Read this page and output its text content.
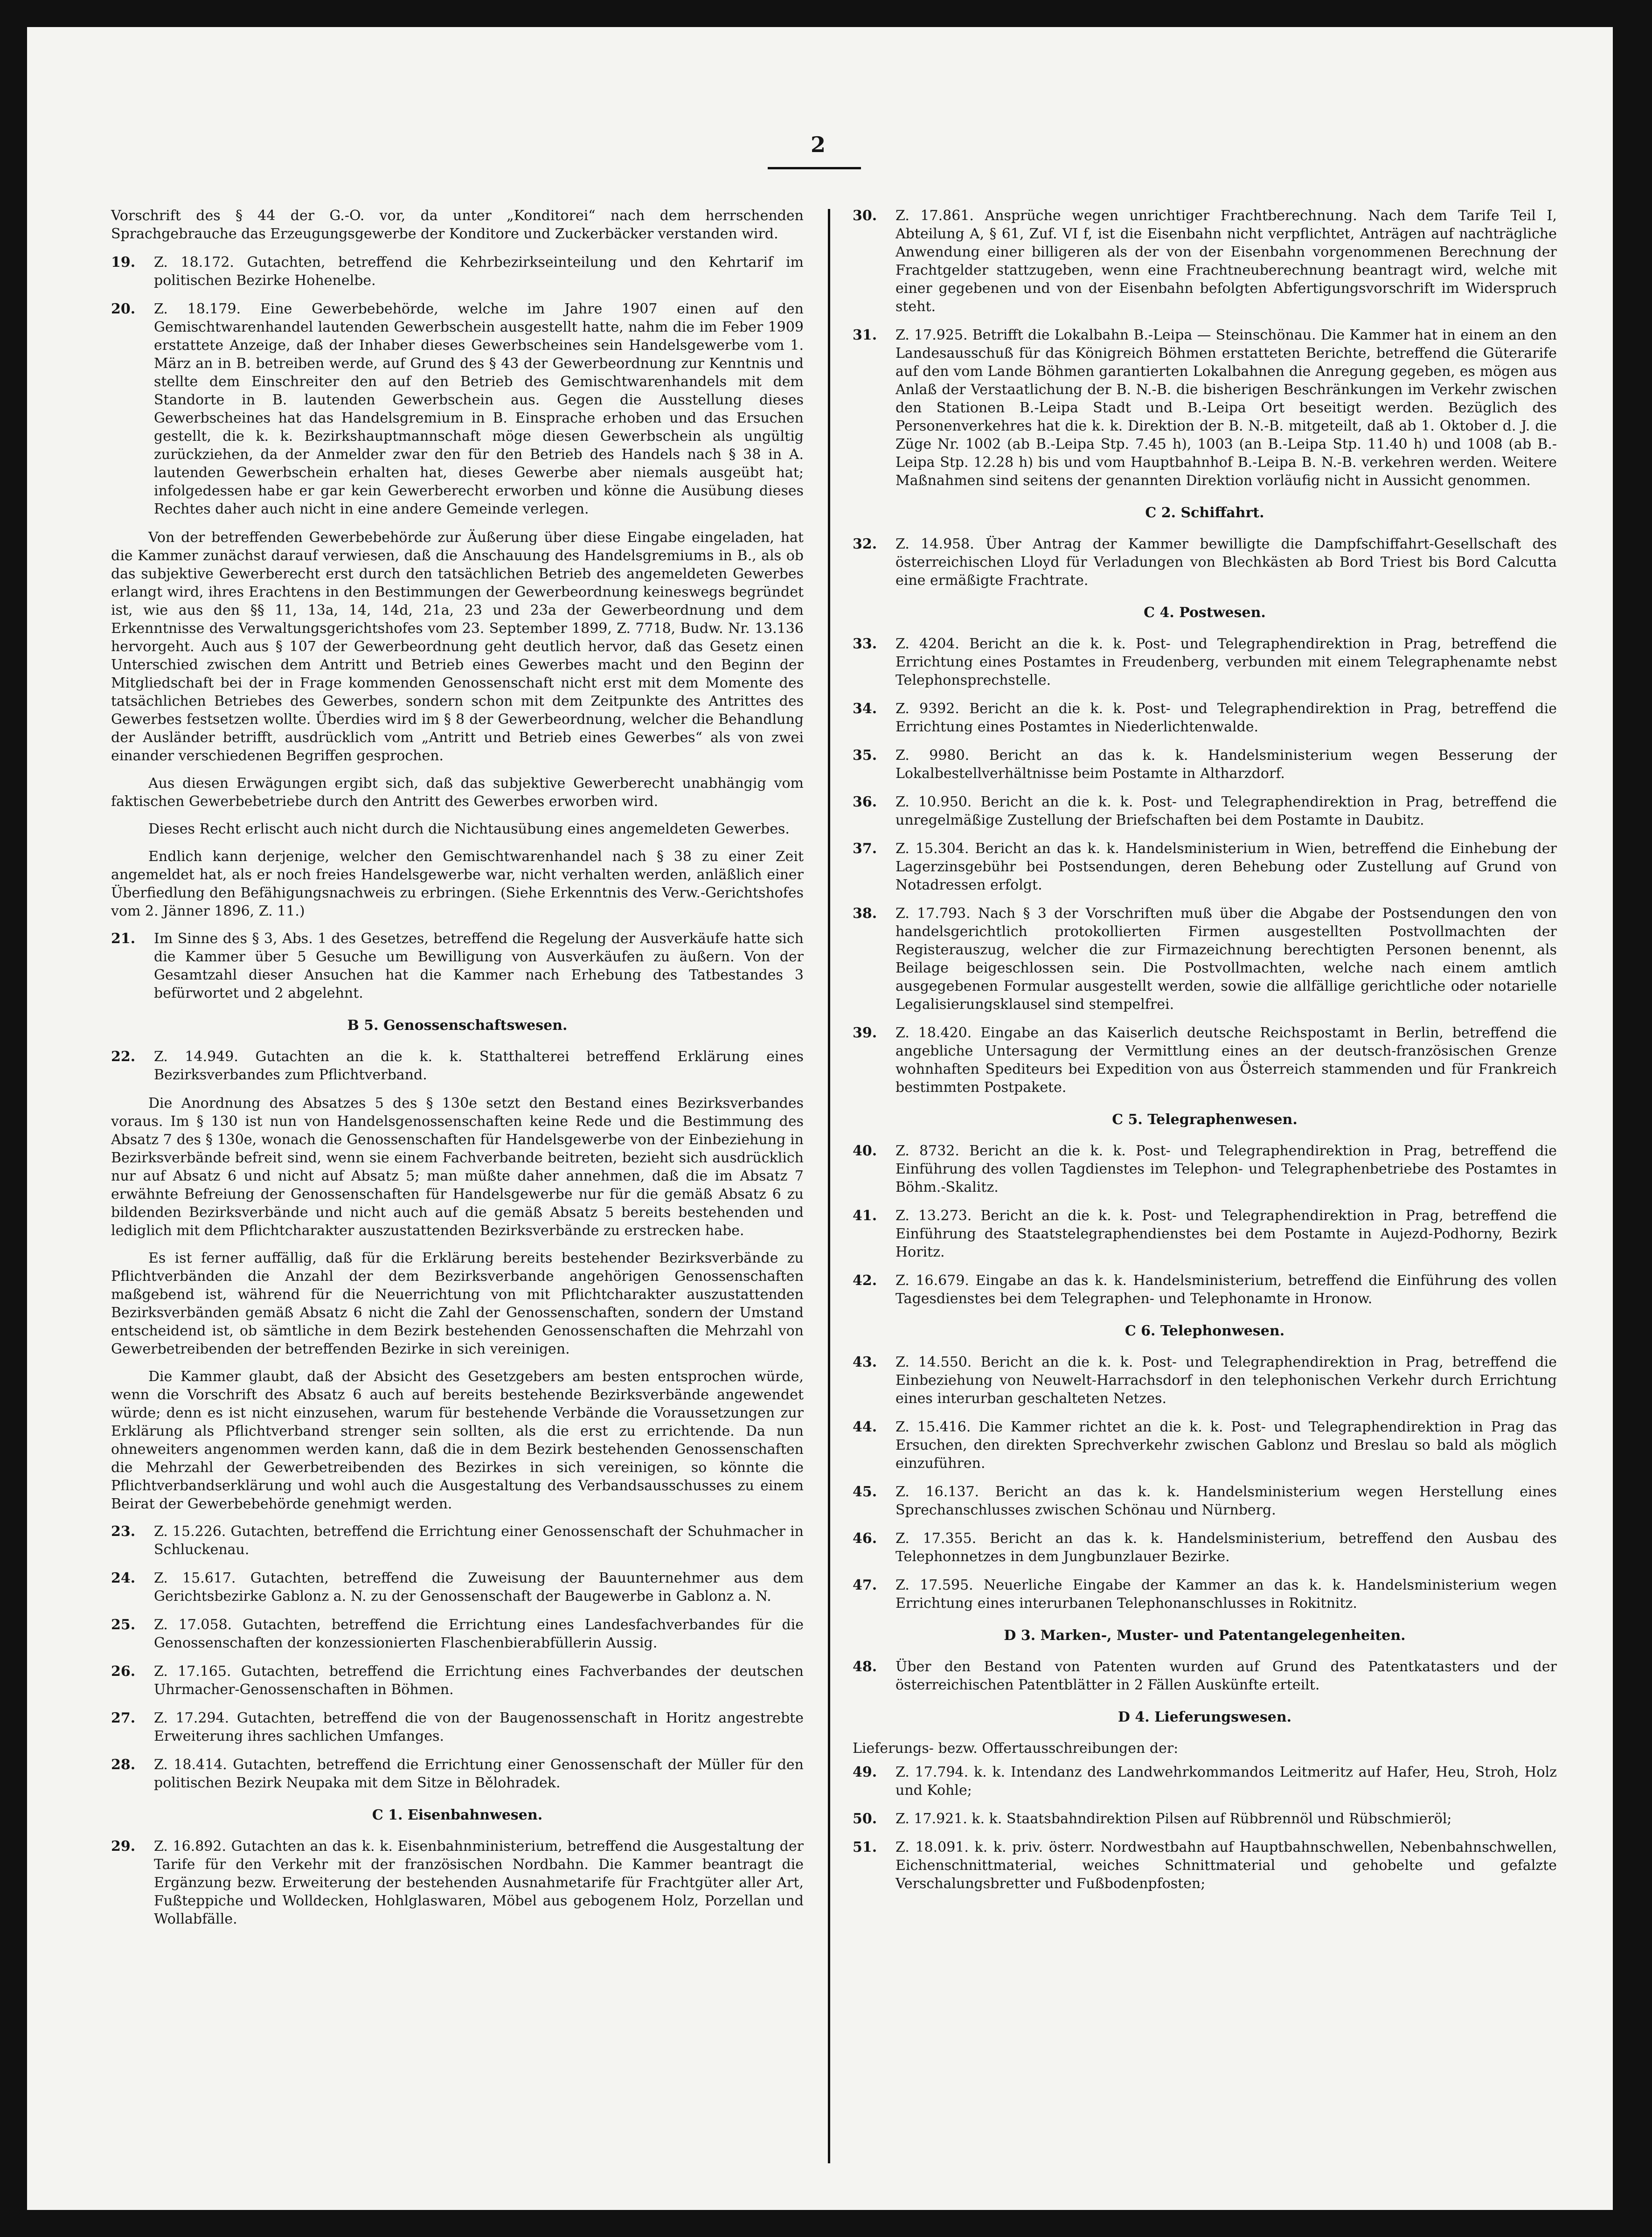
2
Vorschrift des § 44 der G.-O. vor, da unter „Konditorei“ nach dem herrschenden Sprachgebrauche das Erzeugungsgewerbe der Konditore und Zuckerbäcker verstanden wird.
19. Z. 18.172. Gutachten, betreffend die Kehrbezirkseinteilung und den Kehrtarif im politischen Bezirke Hohenelbe.
20. Z. 18.179. Eine Gewerbebehörde, welche im Jahre 1907 einen auf den Gemischtwarenhandel lautenden Gewerbschein ausgestellt hatte, nahm die im Feber 1909 erstattete Anzeige, daß der Inhaber dieses Gewerbscheines sein Handelsgewerbe vom 1. März an in B. betreiben werde, auf Grund des § 43 der Gewerbeordnung zur Kenntnis und stellte dem Einschreiter den auf den Betrieb des Gemischtwarenhandels mit dem Standorte in B. lautenden Gewerbschein aus. Gegen die Ausstellung dieses Gewerbscheines hat das Handelsgremium in B. Einsprache erhoben und das Ersuchen gestellt, die k. k. Bezirkshauptmannschaft möge diesen Gewerbschein als ungültig zurückziehen, da der Anmelder zwar den für den Betrieb des Handels nach § 38 in A. lautenden Gewerbschein erhalten hat, dieses Gewerbe aber niemals ausgeübt hat; infolgedessen habe er gar kein Gewerberecht erworben und könne die Ausübung dieses Rechtes daher auch nicht in eine andere Gemeinde verlegen.
Von der betreffenden Gewerbebehörde zur Äußerung über diese Eingabe eingeladen, hat die Kammer zunächst darauf verwiesen, daß die Anschauung des Handelsgremiums in B., als ob das subjektive Gewerberecht erst durch den tatsächlichen Betrieb des angemeldeten Gewerbes erlangt wird, ihres Erachtens in den Bestimmungen der Gewerbeordnung keineswegs begründet ist, wie aus den §§ 11, 13a, 14, 14d, 21a, 23 und 23a der Gewerbeordnung und dem Erkenntnisse des Verwaltungsgerichtshofes vom 23. September 1899, Z. 7718, Budw. Nr. 13.136 hervorgeht. Auch aus § 107 der Gewerbeordnung geht deutlich hervor, daß das Gesetz einen Unterschied zwischen dem Antritt und Betrieb eines Gewerbes macht und den Beginn der Mitgliedschaft bei der in Frage kommenden Genossenschaft nicht erst mit dem Momente des tatsächlichen Betriebes des Gewerbes, sondern schon mit dem Zeitpunkte des Antrittes des Gewerbes festsetzen wollte. Überdies wird im § 8 der Gewerbeordnung, welcher die Behandlung der Ausländer betrifft, ausdrücklich vom „Antritt und Betrieb eines Gewerbes“ als von zwei einander verschiedenen Begriffen gesprochen.
Aus diesen Erwägungen ergibt sich, daß das subjektive Gewerberecht unabhängig vom faktischen Gewerbebetriebe durch den Antritt des Gewerbes erworben wird.
Dieses Recht erlischt auch nicht durch die Nichtausübung eines angemeldeten Gewerbes.
Endlich kann derjenige, welcher den Gemischtwarenhandel nach § 38 zu einer Zeit angemeldet hat, als er noch freies Handelsgewerbe war, nicht verhalten werden, anläßlich einer Überfiedlung den Befähigungsnachweis zu erbringen. (Siehe Erkenntnis des Verw.-Gerichtshofes vom 2. Jänner 1896, Z. 11.)
21. Im Sinne des § 3, Abs. 1 des Gesetzes, betreffend die Regelung der Ausverkäufe hatte sich die Kammer über 5 Gesuche um Bewilligung von Ausverkäufen zu äußern. Von der Gesamtzahl dieser Ansuchen hat die Kammer nach Erhebung des Tatbestandes 3 befürwortet und 2 abgelehnt.
B 5. Genossenschaftswesen.
22. Z. 14.949. Gutachten an die k. k. Statthalterei betreffend Erklärung eines Bezirksverbandes zum Pflichtverband.
Die Anordnung des Absatzes 5 des § 130e setzt den Bestand eines Bezirksverbandes voraus. Im § 130 ist nun von Handelsgenossenschaften keine Rede und die Bestimmung des Absatz 7 des § 130e, wonach die Genossenschaften für Handelsgewerbe von der Einbeziehung in Bezirksverbände befreit sind, wenn sie einem Fachverbande beitreten, bezieht sich ausdrücklich nur auf Absatz 6 und nicht auf Absatz 5; man müßte daher annehmen, daß die im Absatz 7 erwähnte Befreiung der Genossenschaften für Handelsgewerbe nur für die gemäß Absatz 6 zu bildenden Bezirksverbände und nicht auch auf die gemäß Absatz 5 bereits bestehenden und lediglich mit dem Pflichtcharakter auszustattenden Bezirksverbände zu erstrecken habe.
Es ist ferner auffällig, daß für die Erklärung bereits bestehender Bezirksverbände zu Pflichtverbänden die Anzahl der dem Bezirksverbande angehörigen Genossenschaften maßgebend ist, während für die Neuerrichtung von mit Pflichtcharakter auszustattenden Bezirksverbänden gemäß Absatz 6 nicht die Zahl der Genossenschaften, sondern der Umstand entscheidend ist, ob sämtliche in dem Bezirk bestehenden Genossenschaften die Mehrzahl von Gewerbetreibenden der betreffenden Bezirke in sich vereinigen.
Die Kammer glaubt, daß der Absicht des Gesetzgebers am besten entsprochen würde, wenn die Vorschrift des Absatz 6 auch auf bereits bestehende Bezirksverbände angewendet würde; denn es ist nicht einzusehen, warum für bestehende Verbände die Voraussetzungen zur Erklärung als Pflichtverband strenger sein sollten, als die erst zu errichtende. Da nun ohneweiters angenommen werden kann, daß die in dem Bezirk bestehenden Genossenschaften die Mehrzahl der Gewerbetreibenden des Bezirkes in sich vereinigen, so könnte die Pflichtverbandserklärung und wohl auch die Ausgestaltung des Verbandsausschusses zu einem Beirat der Gewerbebehörde genehmigt werden.
23. Z. 15.226. Gutachten, betreffend die Errichtung einer Genossenschaft der Schuhmacher in Schluckenau.
24. Z. 15.617. Gutachten, betreffend die Zuweisung der Bauunternehmer aus dem Gerichtsbezirke Gablonz a. N. zu der Genossenschaft der Baugewerbe in Gablonz a. N.
25. Z. 17.058. Gutachten, betreffend die Errichtung eines Landesfachverbandes für die Genossenschaften der konzessionierten Flaschenbierabfüllerin Aussig.
26. Z. 17.165. Gutachten, betreffend die Errichtung eines Fachverbandes der deutschen Uhrmacher-Genossenschaften in Böhmen.
27. Z. 17.294. Gutachten, betreffend die von der Baugenossenschaft in Horitz angestrebte Erweiterung ihres sachlichen Umfanges.
28. Z. 18.414. Gutachten, betreffend die Errichtung einer Genossenschaft der Müller für den politischen Bezirk Neupaka mit dem Sitze in Bělohradek.
C 1. Eisenbahnwesen.
29. Z. 16.892. Gutachten an das k. k. Eisenbahnministerium, betreffend die Ausgestaltung der Tarife für den Verkehr mit der französischen Nordbahn. Die Kammer beantragt die Ergänzung bezw. Erweiterung der bestehenden Ausnahmetarife für Frachtgüter aller Art, Fußteppiche und Wolldecken, Hohlglaswaren, Möbel aus gebogenem Holz, Porzellan und Wollabfälle.
30. Z. 17.861. Ansprüche wegen unrichtiger Frachtberechnung. Nach dem Tarife Teil I, Abteilung A, § 61, Zuf. VI f, ist die Eisenbahn nicht verpflichtet, Anträgen auf nachträgliche Anwendung einer billigeren als der von der Eisenbahn vorgenommenen Berechnung der Frachtgelder stattzugeben, wenn eine Frachtneuberechnung beantragt wird, welche mit einer gegebenen und von der Eisenbahn befolgten Abfertigungsvorschrift im Widerspruch steht.
31. Z. 17.925. Betrifft die Lokalbahn B.-Leipa — Steinschönau. Die Kammer hat in einem an den Landesausschuß für das Königreich Böhmen erstatteten Berichte, betreffend die Güterarife auf den vom Lande Böhmen garantierten Lokalbahnen die Anregung gegeben, es mögen aus Anlaß der Verstaatlichung der B. N.-B. die bisherigen Beschränkungen im Verkehr zwischen den Stationen B.-Leipa Stadt und B.-Leipa Ort beseitigt werden. Bezüglich des Personenverkehres hat die k. k. Direktion der B. N.-B. mitgeteilt, daß ab 1. Oktober d. J. die Züge Nr. 1002 (ab B.-Leipa Stp. 7.45 h), 1003 (an B.-Leipa Stp. 11.40 h) und 1008 (ab B.-Leipa Stp. 12.28 h) bis und vom Hauptbahnhof B.-Leipa B. N.-B. verkehren werden. Weitere Maßnahmen sind seitens der genannten Direktion vorläufig nicht in Aussicht genommen.
C 2. Schiffahrt.
32. Z. 14.958. Über Antrag der Kammer bewilligte die Dampfschiffahrt-Gesellschaft des österreichischen Lloyd für Verladungen von Blechkästen ab Bord Triest bis Bord Calcutta eine ermäßigte Frachtrate.
C 4. Postwesen.
33. Z. 4204. Bericht an die k. k. Post- und Telegraphendirektion in Prag, betreffend die Errichtung eines Postamtes in Freudenberg, verbunden mit einem Telegraphenamte nebst Telephonsprechstelle.
34. Z. 9392. Bericht an die k. k. Post- und Telegraphendirektion in Prag, betreffend die Errichtung eines Postamtes in Niederlichtenwalde.
35. Z. 9980. Bericht an das k. k. Handelsministerium wegen Besserung der Lokalbestellverhältnisse beim Postamte in Altharzdorf.
36. Z. 10.950. Bericht an die k. k. Post- und Telegraphendirektion in Prag, betreffend die unregelmäßige Zustellung der Briefschaften bei dem Postamte in Daubitz.
37. Z. 15.304. Bericht an das k. k. Handelsministerium in Wien, betreffend die Einhebung der Lagerzinsgebühr bei Postsendungen, deren Behebung oder Zustellung auf Grund von Notadressen erfolgt.
38. Z. 17.793. Nach § 3 der Vorschriften muß über die Abgabe der Postsendungen den von handelsgerichtlich protokollierten Firmen ausgestellten Postvollmachten der Registerauszug, welcher die zur Firmazeichnung berechtigten Personen benennt, als Beilage beigeschlossen sein. Die Postvollmachten, welche nach einem amtlich ausgegebenen Formular ausgestellt werden, sowie die allfällige gerichtliche oder notarielle Legalisierungsklausel sind stempelfrei.
39. Z. 18.420. Eingabe an das Kaiserlich deutsche Reichspostamt in Berlin, betreffend die angebliche Untersagung der Vermittlung eines an der deutsch-französischen Grenze wohnhaften Spediteurs bei Expedition von aus Österreich stammenden und für Frankreich bestimmten Postpakete.
C 5. Telegraphenwesen.
40. Z. 8732. Bericht an die k. k. Post- und Telegraphendirektion in Prag, betreffend die Einführung des vollen Tagdienstes im Telephon- und Telegraphenbetriebe des Postamtes in Böhm.-Skalitz.
41. Z. 13.273. Bericht an die k. k. Post- und Telegraphendirektion in Prag, betreffend die Einführung des Staatstelegraphendienstes bei dem Postamte in Aujezd-Podhorny, Bezirk Horitz.
42. Z. 16.679. Eingabe an das k. k. Handelsministerium, betreffend die Einführung des vollen Tagesdienstes bei dem Telegraphen- und Telephonamte in Hronow.
C 6. Telephonwesen.
43. Z. 14.550. Bericht an die k. k. Post- und Telegraphendirektion in Prag, betreffend die Einbeziehung von Neuwelt-Harrachsdorf in den telephonischen Verkehr durch Errichtung eines interurban geschalteten Netzes.
44. Z. 15.416. Die Kammer richtet an die k. k. Post- und Telegraphendirektion in Prag das Ersuchen, den direkten Sprechverkehr zwischen Gablonz und Breslau so bald als möglich einzuführen.
45. Z. 16.137. Bericht an das k. k. Handelsministerium wegen Herstellung eines Sprechanschlusses zwischen Schönau und Nürnberg.
46. Z. 17.355. Bericht an das k. k. Handelsministerium, betreffend den Ausbau des Telephonnetzes in dem Jungbunzlauer Bezirke.
47. Z. 17.595. Neuerliche Eingabe der Kammer an das k. k. Handelsministerium wegen Errichtung eines interurbanen Telephonanschlusses in Rokitnitz.
D 3. Marken-, Muster- und Patentangelegenheiten.
48. Über den Bestand von Patenten wurden auf Grund des Patentkatasters und der österreichischen Patentblätter in 2 Fällen Auskünfte erteilt.
D 4. Lieferungswesen.
Lieferungs- bezw. Offertausschreibungen der:
49. Z. 17.794. k. k. Intendanz des Landwehrkommandos Leitmeritz auf Hafer, Heu, Stroh, Holz und Kohle;
50. Z. 17.921. k. k. Staatsbahndirektion Pilsen auf Rübbrennöl und Rübschmieröl;
51. Z. 18.091. k. k. priv. österr. Nordwestbahn auf Hauptbahnschwellen, Nebenbahnschwellen, Eichenschnittmaterial, weiches Schnittmaterial und gehobelte und gefalzte Verschalungsbretter und Fußbodenpfosten;
